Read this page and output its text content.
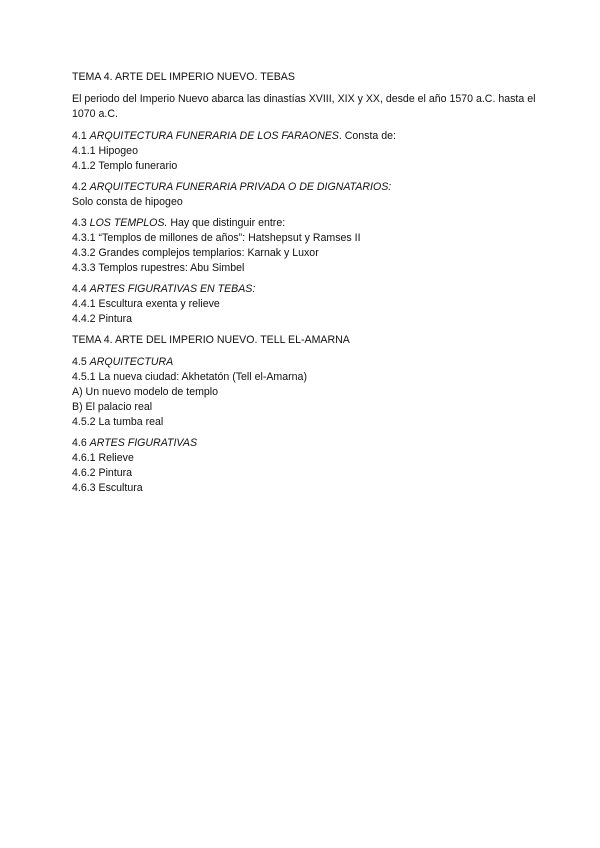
TEMA 4. ARTE DEL IMPERIO NUEVO. TEBAS

El periodo del Imperio Nuevo abarca las dinastías XVIII, XIX y XX, desde el año 1570 a.C. hasta el 1070 a.C.

4.1 ARQUITECTURA FUNERARIA DE LOS FARAONES. Consta de:
4.1.1 Hipogeo
4.1.2 Templo funerario
4.2 ARQUITECTURA FUNERARIA PRIVADA O DE DIGNATARIOS:
Solo consta de hipogeo
4.3 LOS TEMPLOS. Hay que distinguir entre:
4.3.1 “Templos de millones de años”: Hatshepsut y Ramses II
4.3.2 Grandes complejos templarios: Karnak y Luxor
4.3.3 Templos rupestres: Abu Simbel
4.4 ARTES FIGURATIVAS EN TEBAS:
4.4.1 Escultura exenta y relieve
4.4.2 Pintura

TEMA 4. ARTE DEL IMPERIO NUEVO. TELL EL-AMARNA

4.5 ARQUITECTURA
4.5.1 La nueva ciudad: Akhetatón (Tell el-Amarna)
A) Un nuevo modelo de templo
B) El palacio real
4.5.2 La tumba real
4.6 ARTES FIGURATIVAS
4.6.1 Relieve
4.6.2 Pintura
4.6.3 Escultura
